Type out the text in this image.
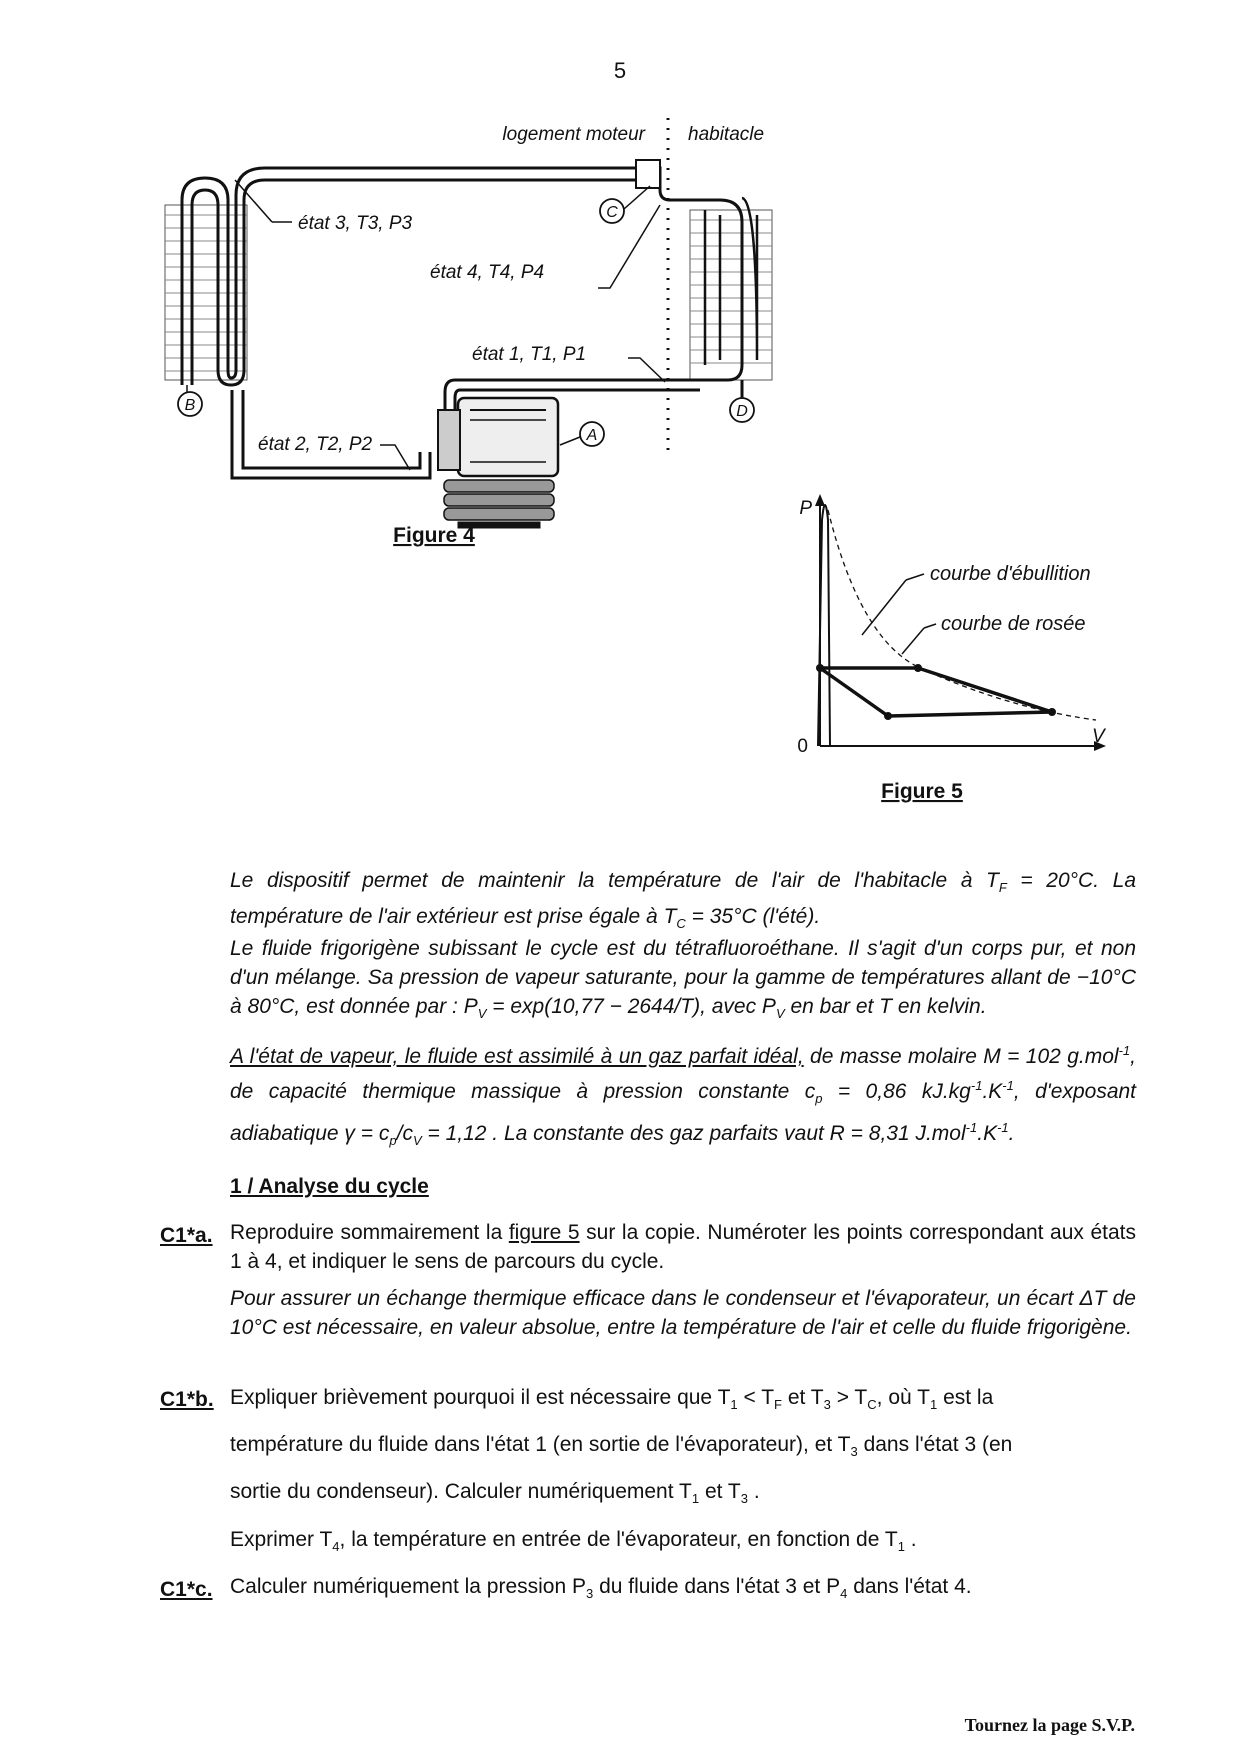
5
logement moteur habitacle
état 3, T3, P3
état 4, T4, P4
état 1, T1, P1
état 2, T2, P2	A
B
C
D
Figure 4
P
V
0
courbe d'ébullition
courbe de rosée
Figure 5
Le dispositif permet de maintenir la température de l'air de l'habitacle à $T_F = 20^\circ C$. La température de l'air extérieur est prise égale à $T_C = 35^\circ C$ (l'été).
Le fluide frigorigène subissant le cycle est du tétrafluoroéthane. Il s'agit d'un corps pur, et non d'un mélange. Sa pression de vapeur saturante, pour la gamme de températures allant de −10°C à 80°C, est donnée par : $P_V = \exp(10,77 - 2644/T)$, avec $P_V$ en bar et T en kelvin.
A l'état de vapeur, le fluide est assimilé à un gaz parfait idéal, de masse molaire M = 102 g.mol$^{-1}$, de capacité thermique massique à pression constante $c_p = 0,86$ $kJ.kg^{-1}.K^{-1}$, d'exposant adiabatique $\gamma = c_p/c_V = 1,12$ . La constante des gaz parfaits vaut R = 8,31 $J.mol^{-1}.K^{-1}$.
1 / Analyse du cycle
C1*a. Reproduire sommairement la figure 5 sur la copie. Numéroter les points correspondant aux états 1 à 4, et indiquer le sens de parcours du cycle.
Pour assurer un échange thermique efficace dans le condenseur et l'évaporateur, un écart ΔT de 10°C est nécessaire, en valeur absolue, entre la température de l'air et celle du fluide frigorigène.
C1*b. Expliquer brièvement pourquoi il est nécessaire que $T_1 < T_F$ et $T_3 > T_C$, où $T_1$ est la
température du fluide dans l'état 1 (en sortie de l'évaporateur), et $T_3$ dans l'état 3 (en
sortie du condenseur). Calculer numériquement $T_1$ et $T_3$ .
Exprimer $T_4$, la température en entrée de l'évaporateur, en fonction de $T_1$ .
C1*c. Calculer numériquement la pression $P_3$ du fluide dans l'état 3 et $P_4$ dans l'état 4.
Tournez la page S.V.P.
